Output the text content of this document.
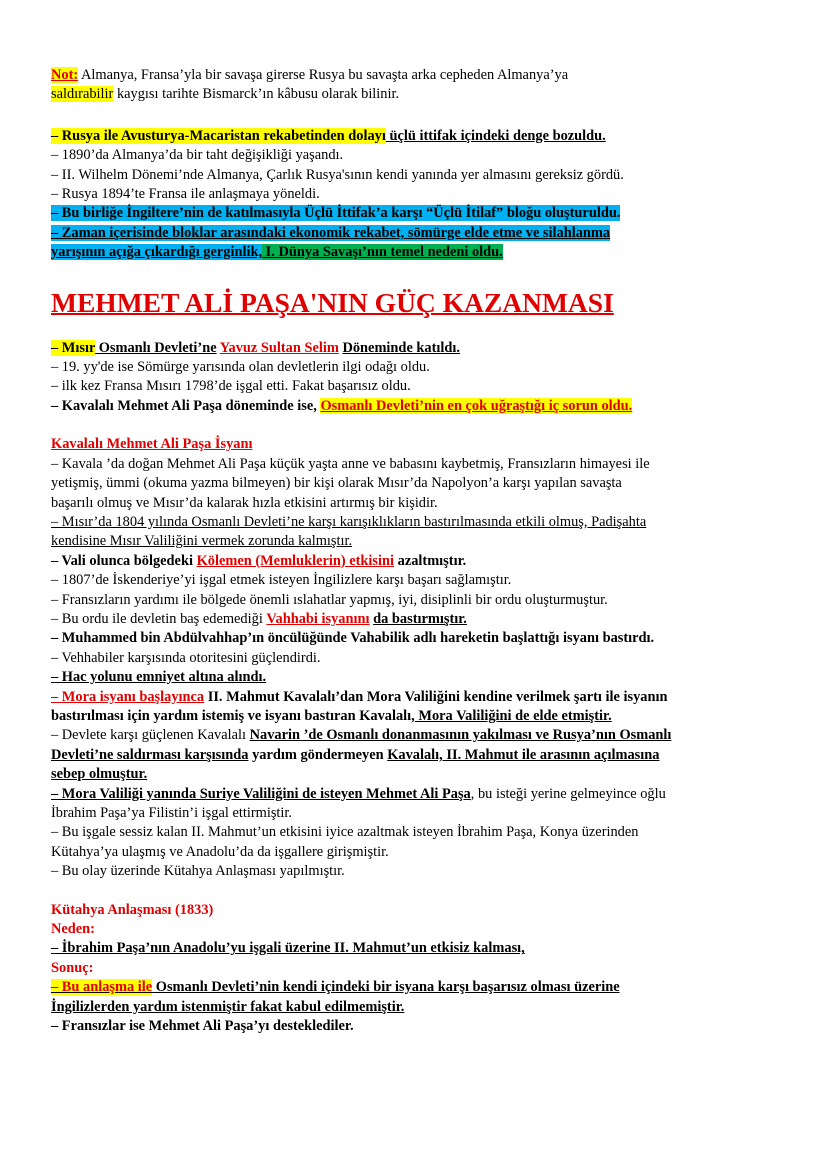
Not: Almanya, Fransa’yla bir savaşa girerse Rusya bu savaşta arka cepheden Almanya’ya
saldırabilir kaygısı tarihte Bismarck’ın kâbusu olarak bilinir.
– Rusya ile Avusturya-Macaristan rekabetinden dolayı üçlü ittifak içindeki denge bozuldu.
– 1890’da Almanya’da bir taht değişikliği yaşandı.
– II. Wilhelm Dönemi’nde Almanya, Çarlık Rusya'sının kendi yanında yer almasını gereksiz gördü.
– Rusya 1894’te Fransa ile anlaşmaya yöneldi.
– Bu birliğe İngiltere’nin de katılmasıyla Üçlü İttifak’a karşı “Üçlü İtilaf” bloğu oluşturuldu.
– Zaman içerisinde bloklar arasındaki ekonomik rekabet, sömürge elde etme ve silahlanma
yarışının açığa çıkardığı gerginlik, I. Dünya Savaşı’nın temel nedeni oldu.
MEHMET ALİ PAŞA'NIN GÜÇ KAZANMASI
– Mısır Osmanlı Devleti’ne Yavuz Sultan Selim Döneminde katıldı.
– 19. yy'de ise Sömürge yarısında olan devletlerin ilgi odağı oldu.
– ilk kez Fransa Mısırı 1798’de işgal etti. Fakat başarısız oldu.
– Kavalalı Mehmet Ali Paşa döneminde ise, Osmanlı Devleti’nin en çok uğraştığı iç sorun oldu.
Kavalalı Mehmet Ali Paşa İsyanı
– Kavala ’da doğan Mehmet Ali Paşa küçük yaşta anne ve babasını kaybetmiş, Fransızların himayesi ile
yetişmiş, ümmi (okuma yazma bilmeyen) bir kişi olarak Mısır’da Napolyon’a karşı yapılan savaşta
başarılı olmuş ve Mısır’da kalarak hızla etkisini artırmış bir kişidir.
– Mısır’da 1804 yılında Osmanlı Devleti’ne karşı karışıklıkların bastırılmasında etkili olmuş, Padişahta
kendisine Mısır Valiliğini vermek zorunda kalmıştır.
– Vali olunca bölgedeki Kölemen (Memluklerin) etkisini azaltmıştır.
– 1807’de İskenderiye’yi işgal etmek isteyen İngilizlere karşı başarı sağlamıştır.
– Fransızların yardımı ile bölgede önemli ıslahatlar yapmış, iyi, disiplinli bir ordu oluşturmuştur.
– Bu ordu ile devletin baş edemediği Vahhabi isyanını da bastırmıştır.
– Muhammed bin Abdülvahhap’ın öncülüğünde Vahabilik adlı hareketin başlattığı isyanı bastırdı.
– Vehhabiler karşısında otoritesini güçlendirdi.
– Hac yolunu emniyet altına alındı.
– Mora isyanı başlayınca II. Mahmut Kavalalı’dan Mora Valiliğini kendine verilmek şartı ile isyanın
bastırılması için yardım istemiş ve isyanı bastıran Kavalalı, Mora Valiliğini de elde etmiştir.
– Devlete karşı güçlenen Kavalalı Navarin ’de Osmanlı donanmasının yakılması ve Rusya’nın Osmanlı
Devleti’ne saldırması karşısında yardım göndermeyen Kavalalı, II. Mahmut ile arasının açılmasına
sebep olmuştur.
– Mora Valiliği yanında Suriye Valiliğini de isteyen Mehmet Ali Paşa, bu isteği yerine gelmeyince oğlu
İbrahim Paşa’ya Filistin’i işgal ettirmiştir.
– Bu işgale sessiz kalan II. Mahmut’un etkisini iyice azaltmak isteyen İbrahim Paşa, Konya üzerinden
Kütahya’ya ulaşmış ve Anadolu’da da işgallere girişmiştir.
– Bu olay üzerinde Kütahya Anlaşması yapılmıştır.
Kütahya Anlaşması (1833)
Neden:
– İbrahim Paşa’nın Anadolu’yu işgali üzerine II. Mahmut’un etkisiz kalması,
Sonuç:
– Bu anlaşma ile Osmanlı Devleti’nin kendi içindeki bir isyana karşı başarısız olması üzerine
İngilizlerden yardım istenmiştir fakat kabul edilmemiştir.
– Fransızlar ise Mehmet Ali Paşa’yı desteklediler.
